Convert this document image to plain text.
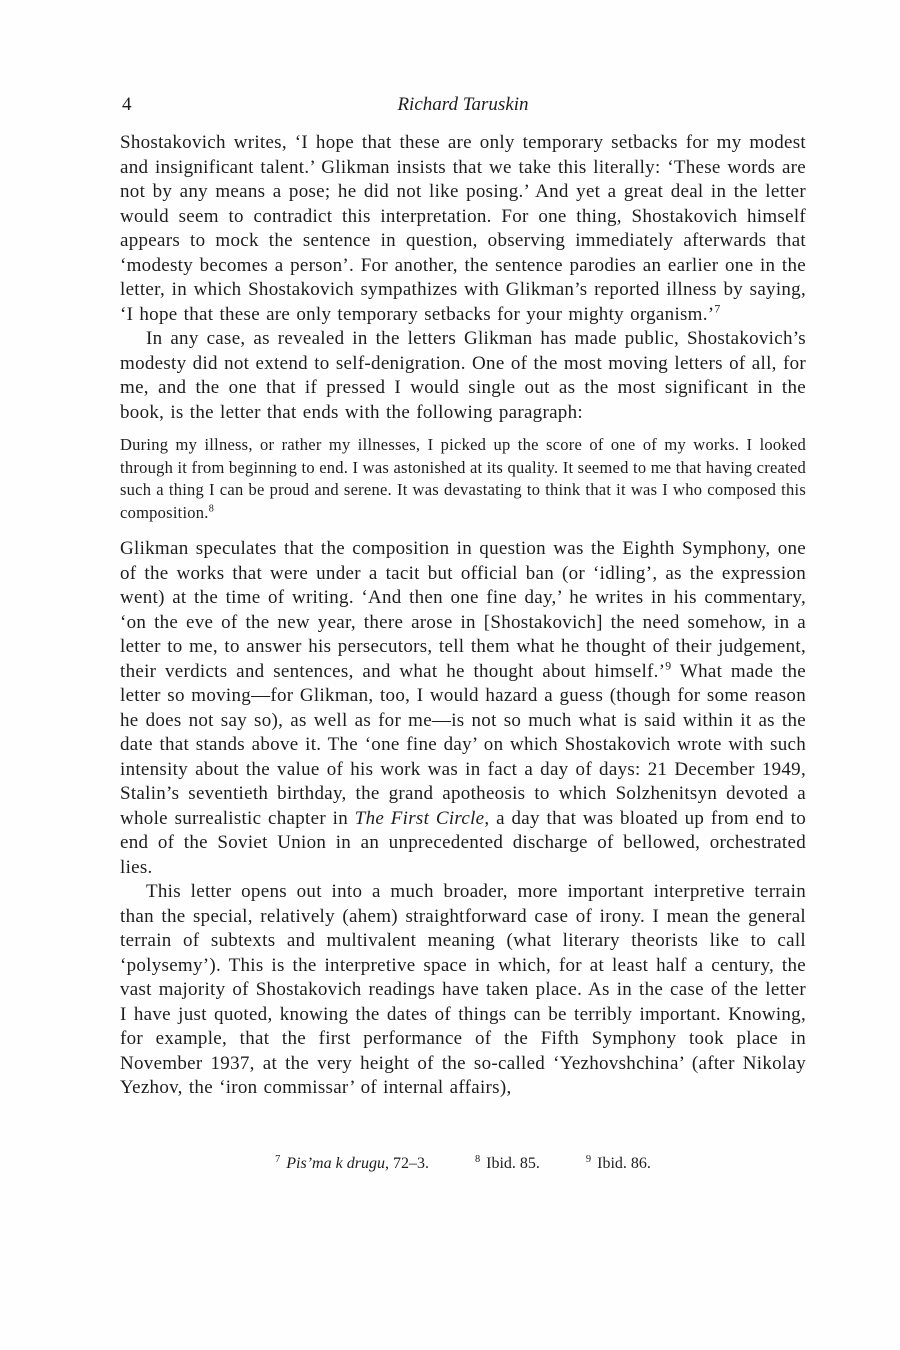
4	Richard Taruskin

Shostakovich writes, ‘I hope that these are only temporary setbacks for my modest and insignificant talent.’ Glikman insists that we take this literally: ‘These words are not by any means a pose; he did not like posing.’ And yet a great deal in the letter would seem to contradict this interpretation. For one thing, Shostakovich himself appears to mock the sentence in question, observing immediately afterwards that ‘modesty becomes a person’. For another, the sentence parodies an earlier one in the letter, in which Shostakovich sympathizes with Glikman’s reported illness by saying, ‘I hope that these are only temporary setbacks for your mighty organism.’$^7$

In any case, as revealed in the letters Glikman has made public, Shostakovich’s modesty did not extend to self-denigration. One of the most moving letters of all, for me, and the one that if pressed I would single out as the most significant in the book, is the letter that ends with the following paragraph:

During my illness, or rather my illnesses, I picked up the score of one of my works. I looked through it from beginning to end. I was astonished at its quality. It seemed to me that having created such a thing I can be proud and serene. It was devastating to think that it was I who composed this composition.$^8$

Glikman speculates that the composition in question was the Eighth Symphony, one of the works that were under a tacit but official ban (or ‘idling’, as the expression went) at the time of writing. ‘And then one fine day,’ he writes in his commentary, ‘on the eve of the new year, there arose in [Shostakovich] the need somehow, in a letter to me, to answer his persecutors, tell them what he thought of their judgement, their verdicts and sentences, and what he thought about himself.’$^9$ What made the letter so moving—for Glikman, too, I would hazard a guess (though for some reason he does not say so), as well as for me—is not so much what is said within it as the date that stands above it. The ‘one fine day’ on which Shostakovich wrote with such intensity about the value of his work was in fact a day of days: 21 December 1949, Stalin’s seventieth birthday, the grand apotheosis to which Solzhenitsyn devoted a whole surrealistic chapter in The First Circle, a day that was bloated up from end to end of the Soviet Union in an unprecedented discharge of bellowed, orchestrated lies.

This letter opens out into a much broader, more important interpretive terrain than the special, relatively (ahem) straightforward case of irony. I mean the general terrain of subtexts and multivalent meaning (what literary theorists like to call ‘polysemy’). This is the interpretive space in which, for at least half a century, the vast majority of Shostakovich readings have taken place. As in the case of the letter I have just quoted, knowing the dates of things can be terribly important. Knowing, for example, that the first performance of the Fifth Symphony took place in November 1937, at the very height of the so-called ‘Yezhovshchina’ (after Nikolay Yezhov, the ‘iron commissar’ of internal affairs),

$^7$ Pis’ma k drugu, 72–3.	$^8$ Ibid. 85.	$^9$ Ibid. 86.
